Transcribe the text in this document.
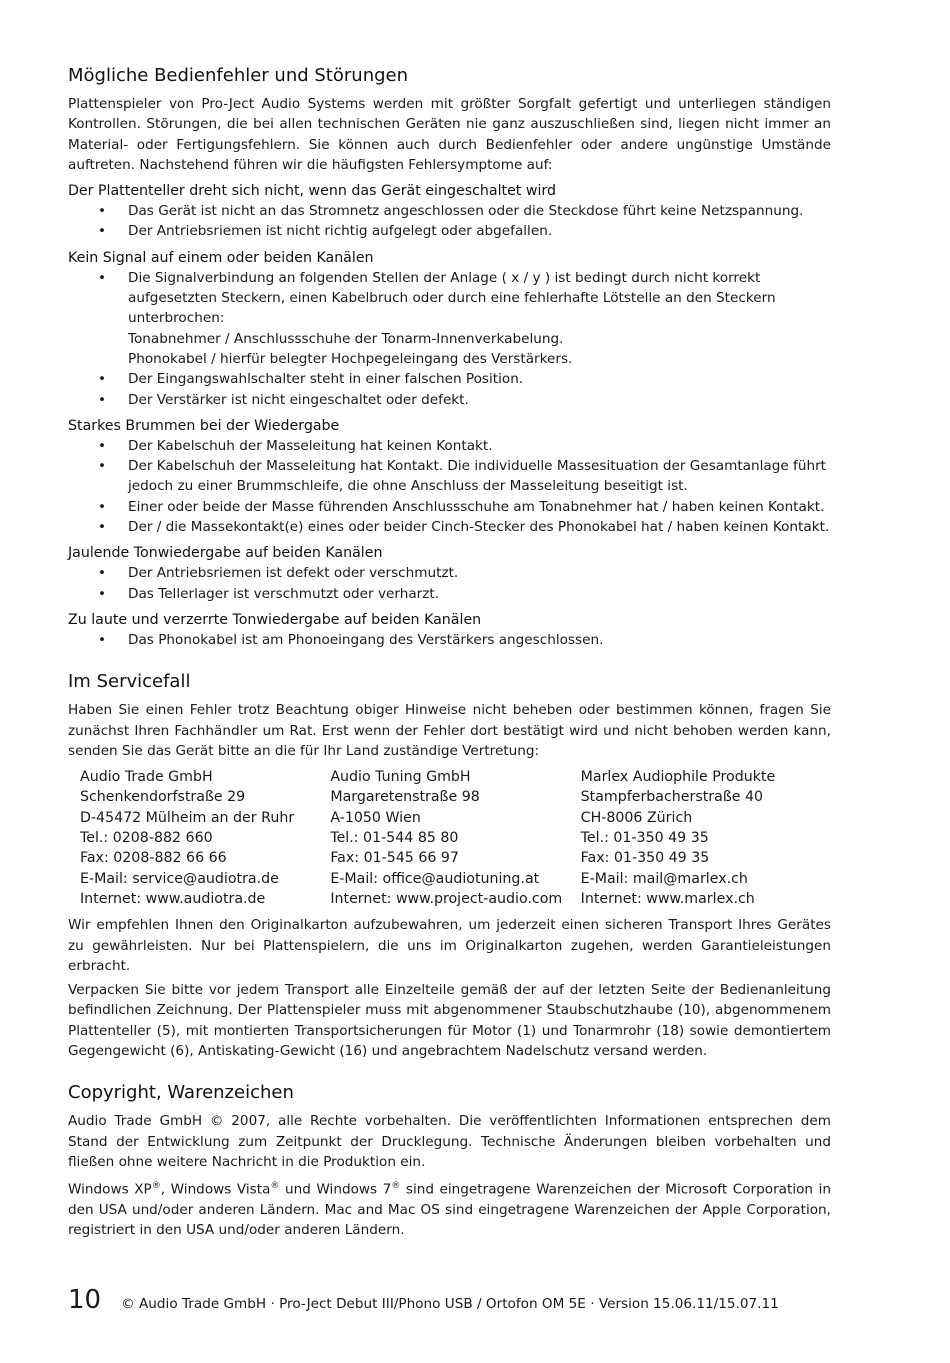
Mögliche Bedienfehler und Störungen

Plattenspieler von Pro-Ject Audio Systems werden mit größter Sorgfalt gefertigt und unterliegen ständigen Kontrollen. Störungen, die bei allen technischen Geräten nie ganz auszuschließen sind, liegen nicht immer an Material- oder Fertigungsfehlern. Sie können auch durch Bedienfehler oder andere ungünstige Umstände auftreten. Nachstehend führen wir die häufigsten Fehlersymptome auf:

Der Plattenteller dreht sich nicht, wenn das Gerät eingeschaltet wird
• Das Gerät ist nicht an das Stromnetz angeschlossen oder die Steckdose führt keine Netzspannung.
• Der Antriebsriemen ist nicht richtig aufgelegt oder abgefallen.
Kein Signal auf einem oder beiden Kanälen
• Die Signalverbindung an folgenden Stellen der Anlage ( x / y ) ist bedingt durch nicht korrekt aufgesetzten Steckern, einen Kabelbruch oder durch eine fehlerhafte Lötstelle an den Steckern unterbrochen:
Tonabnehmer / Anschlussschuhe der Tonarm-Innenverkabelung.
Phonokabel / hierfür belegter Hochpegeleingang des Verstärkers.
• Der Eingangswahlschalter steht in einer falschen Position.
• Der Verstärker ist nicht eingeschaltet oder defekt.
Starkes Brummen bei der Wiedergabe
• Der Kabelschuh der Masseleitung hat keinen Kontakt.
• Der Kabelschuh der Masseleitung hat Kontakt. Die individuelle Massesituation der Gesamtanlage führt jedoch zu einer Brummschleife, die ohne Anschluss der Masseleitung beseitigt ist.
• Einer oder beide der Masse führenden Anschlussschuhe am Tonabnehmer hat / haben keinen Kontakt.
• Der / die Massekontakt(e) eines oder beider Cinch-Stecker des Phonokabel hat / haben keinen Kontakt.
Jaulende Tonwiedergabe auf beiden Kanälen
• Der Antriebsriemen ist defekt oder verschmutzt.
• Das Tellerlager ist verschmutzt oder verharzt.
Zu laute und verzerrte Tonwiedergabe auf beiden Kanälen
• Das Phonokabel ist am Phonoeingang des Verstärkers angeschlossen.
Im Servicefall

Haben Sie einen Fehler trotz Beachtung obiger Hinweise nicht beheben oder bestimmen können, fragen Sie zunächst Ihren Fachhändler um Rat. Erst wenn der Fehler dort bestätigt wird und nicht behoben werden kann, senden Sie das Gerät bitte an die für Ihr Land zuständige Vertretung:

Audio Trade GmbH
Schenkendorfstraße 29
D-45472 Mülheim an der Ruhr
Tel.: 0208-882 660
Fax: 0208-882 66 66
E-Mail: service@audiotra.de
Internet: www.audiotra.de
Audio Tuning GmbH
Margaretenstraße 98
A-1050 Wien
Tel.: 01-544 85 80
Fax: 01-545 66 97
E-Mail: office@audiotuning.at
Internet: www.project-audio.com
Marlex Audiophile Produkte
Stampferbacherstraße 40
CH-8006 Zürich
Tel.: 01-350 49 35
Fax: 01-350 49 35
E-Mail: mail@marlex.ch
Internet: www.marlex.ch

Wir empfehlen Ihnen den Originalkarton aufzubewahren, um jederzeit einen sicheren Transport Ihres Gerätes zu gewährleisten. Nur bei Plattenspielern, die uns im Originalkarton zugehen, werden Garantieleistungen erbracht.

Verpacken Sie bitte vor jedem Transport alle Einzelteile gemäß der auf der letzten Seite der Bedienanleitung befindlichen Zeichnung. Der Plattenspieler muss mit abgenommener Staubschutzhaube (10), abgenommenem Plattenteller (5), mit montierten Transportsicherungen für Motor (1) und Tonarmrohr (18) sowie demontiertem Gegengewicht (6), Antiskating-Gewicht (16) und angebrachtem Nadelschutz versand werden.

Copyright, Warenzeichen

Audio Trade GmbH © 2007, alle Rechte vorbehalten. Die veröffentlichten Informationen entsprechen dem Stand der Entwicklung zum Zeitpunkt der Drucklegung. Technische Änderungen bleiben vorbehalten und fließen ohne weitere Nachricht in die Produktion ein.

Windows XP®, Windows Vista® und Windows 7® sind eingetragene Warenzeichen der Microsoft Corporation in den USA und/oder anderen Ländern. Mac and Mac OS sind eingetragene Warenzeichen der Apple Corporation, registriert in den USA und/oder anderen Ländern.

10 © Audio Trade GmbH · Pro-Ject Debut III/Phono USB / Ortofon OM 5E · Version 15.06.11/15.07.11
